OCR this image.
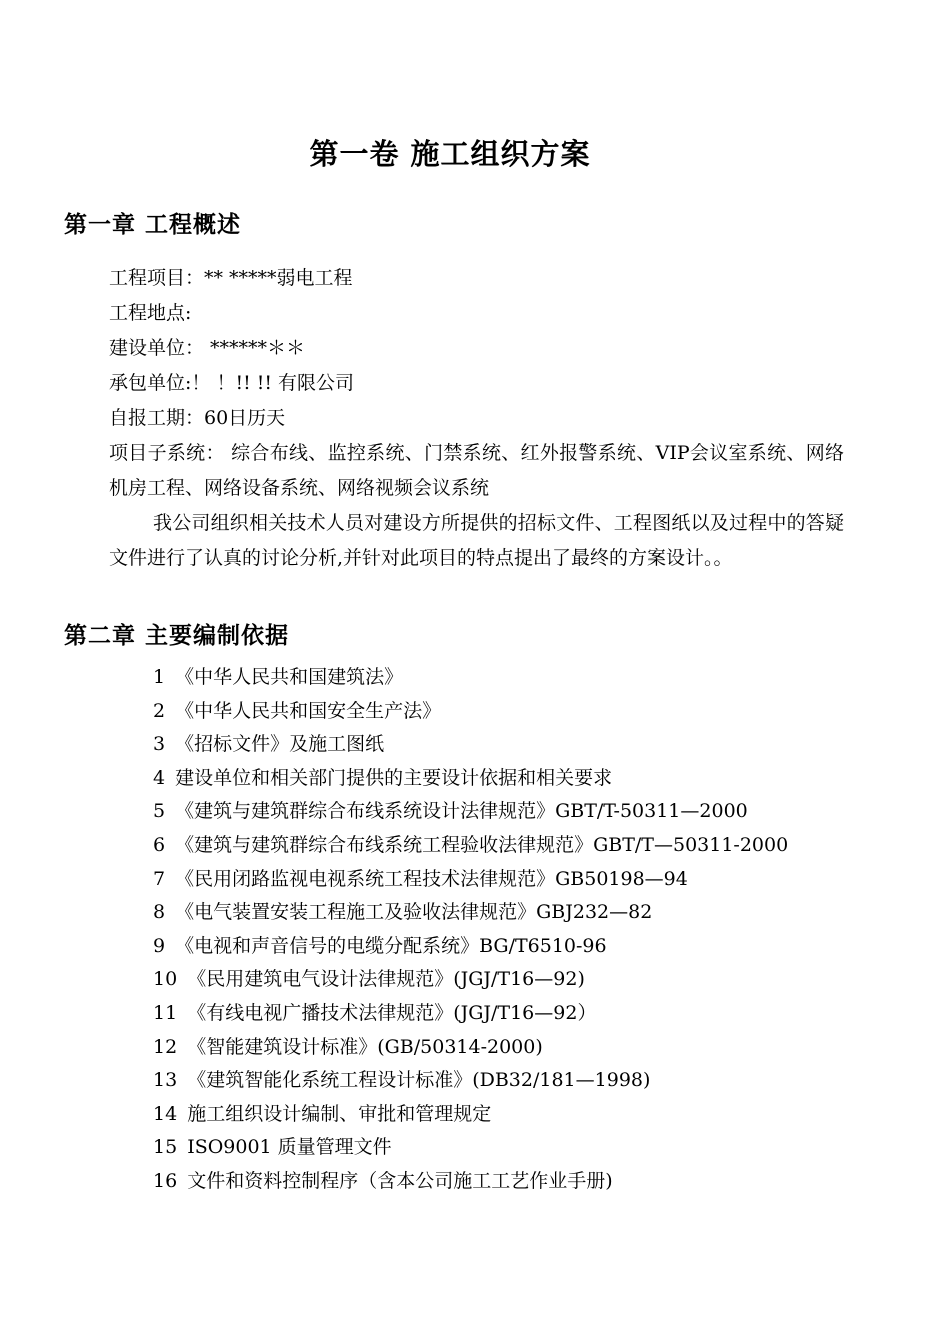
第一卷 施工组织方案
第一章 工程概述
工程项目：** *****弱电工程
工程地点:
建设单位： ******＊＊
承包单位:！ ！!! !! 有限公司
自报工期：60日历天
项目子系统： 综合布线、监控系统、门禁系统、红外报警系统、VIP会议室系统、网络机房工程、网络设备系统、网络视频会议系统
我公司组织相关技术人员对建设方所提供的招标文件、工程图纸以及过程中的答疑文件进行了认真的讨论分析,并针对此项目的特点提出了最终的方案设计。。
第二章 主要编制依据
1 《中华人民共和国建筑法》
2 《中华人民共和国安全生产法》
3 《招标文件》及施工图纸
4 建设单位和相关部门提供的主要设计依据和相关要求
5 《建筑与建筑群综合布线系统设计法律规范》GBT/T-50311—2000
6 《建筑与建筑群综合布线系统工程验收法律规范》GBT/T—50311-2000
7 《民用闭路监视电视系统工程技术法律规范》GB50198—94
8 《电气装置安装工程施工及验收法律规范》GBJ232—82
9 《电视和声音信号的电缆分配系统》BG/T6510-96
10 《民用建筑电气设计法律规范》(JGJ/T16—92)
11 《有线电视广播技术法律规范》(JGJ/T16—92）
12 《智能建筑设计标准》(GB/50314-2000)
13 《建筑智能化系统工程设计标准》(DB32/181—1998)
14 施工组织设计编制、审批和管理规定
15 ISO9001 质量管理文件
16 文件和资料控制程序（含本公司施工工艺作业手册)
